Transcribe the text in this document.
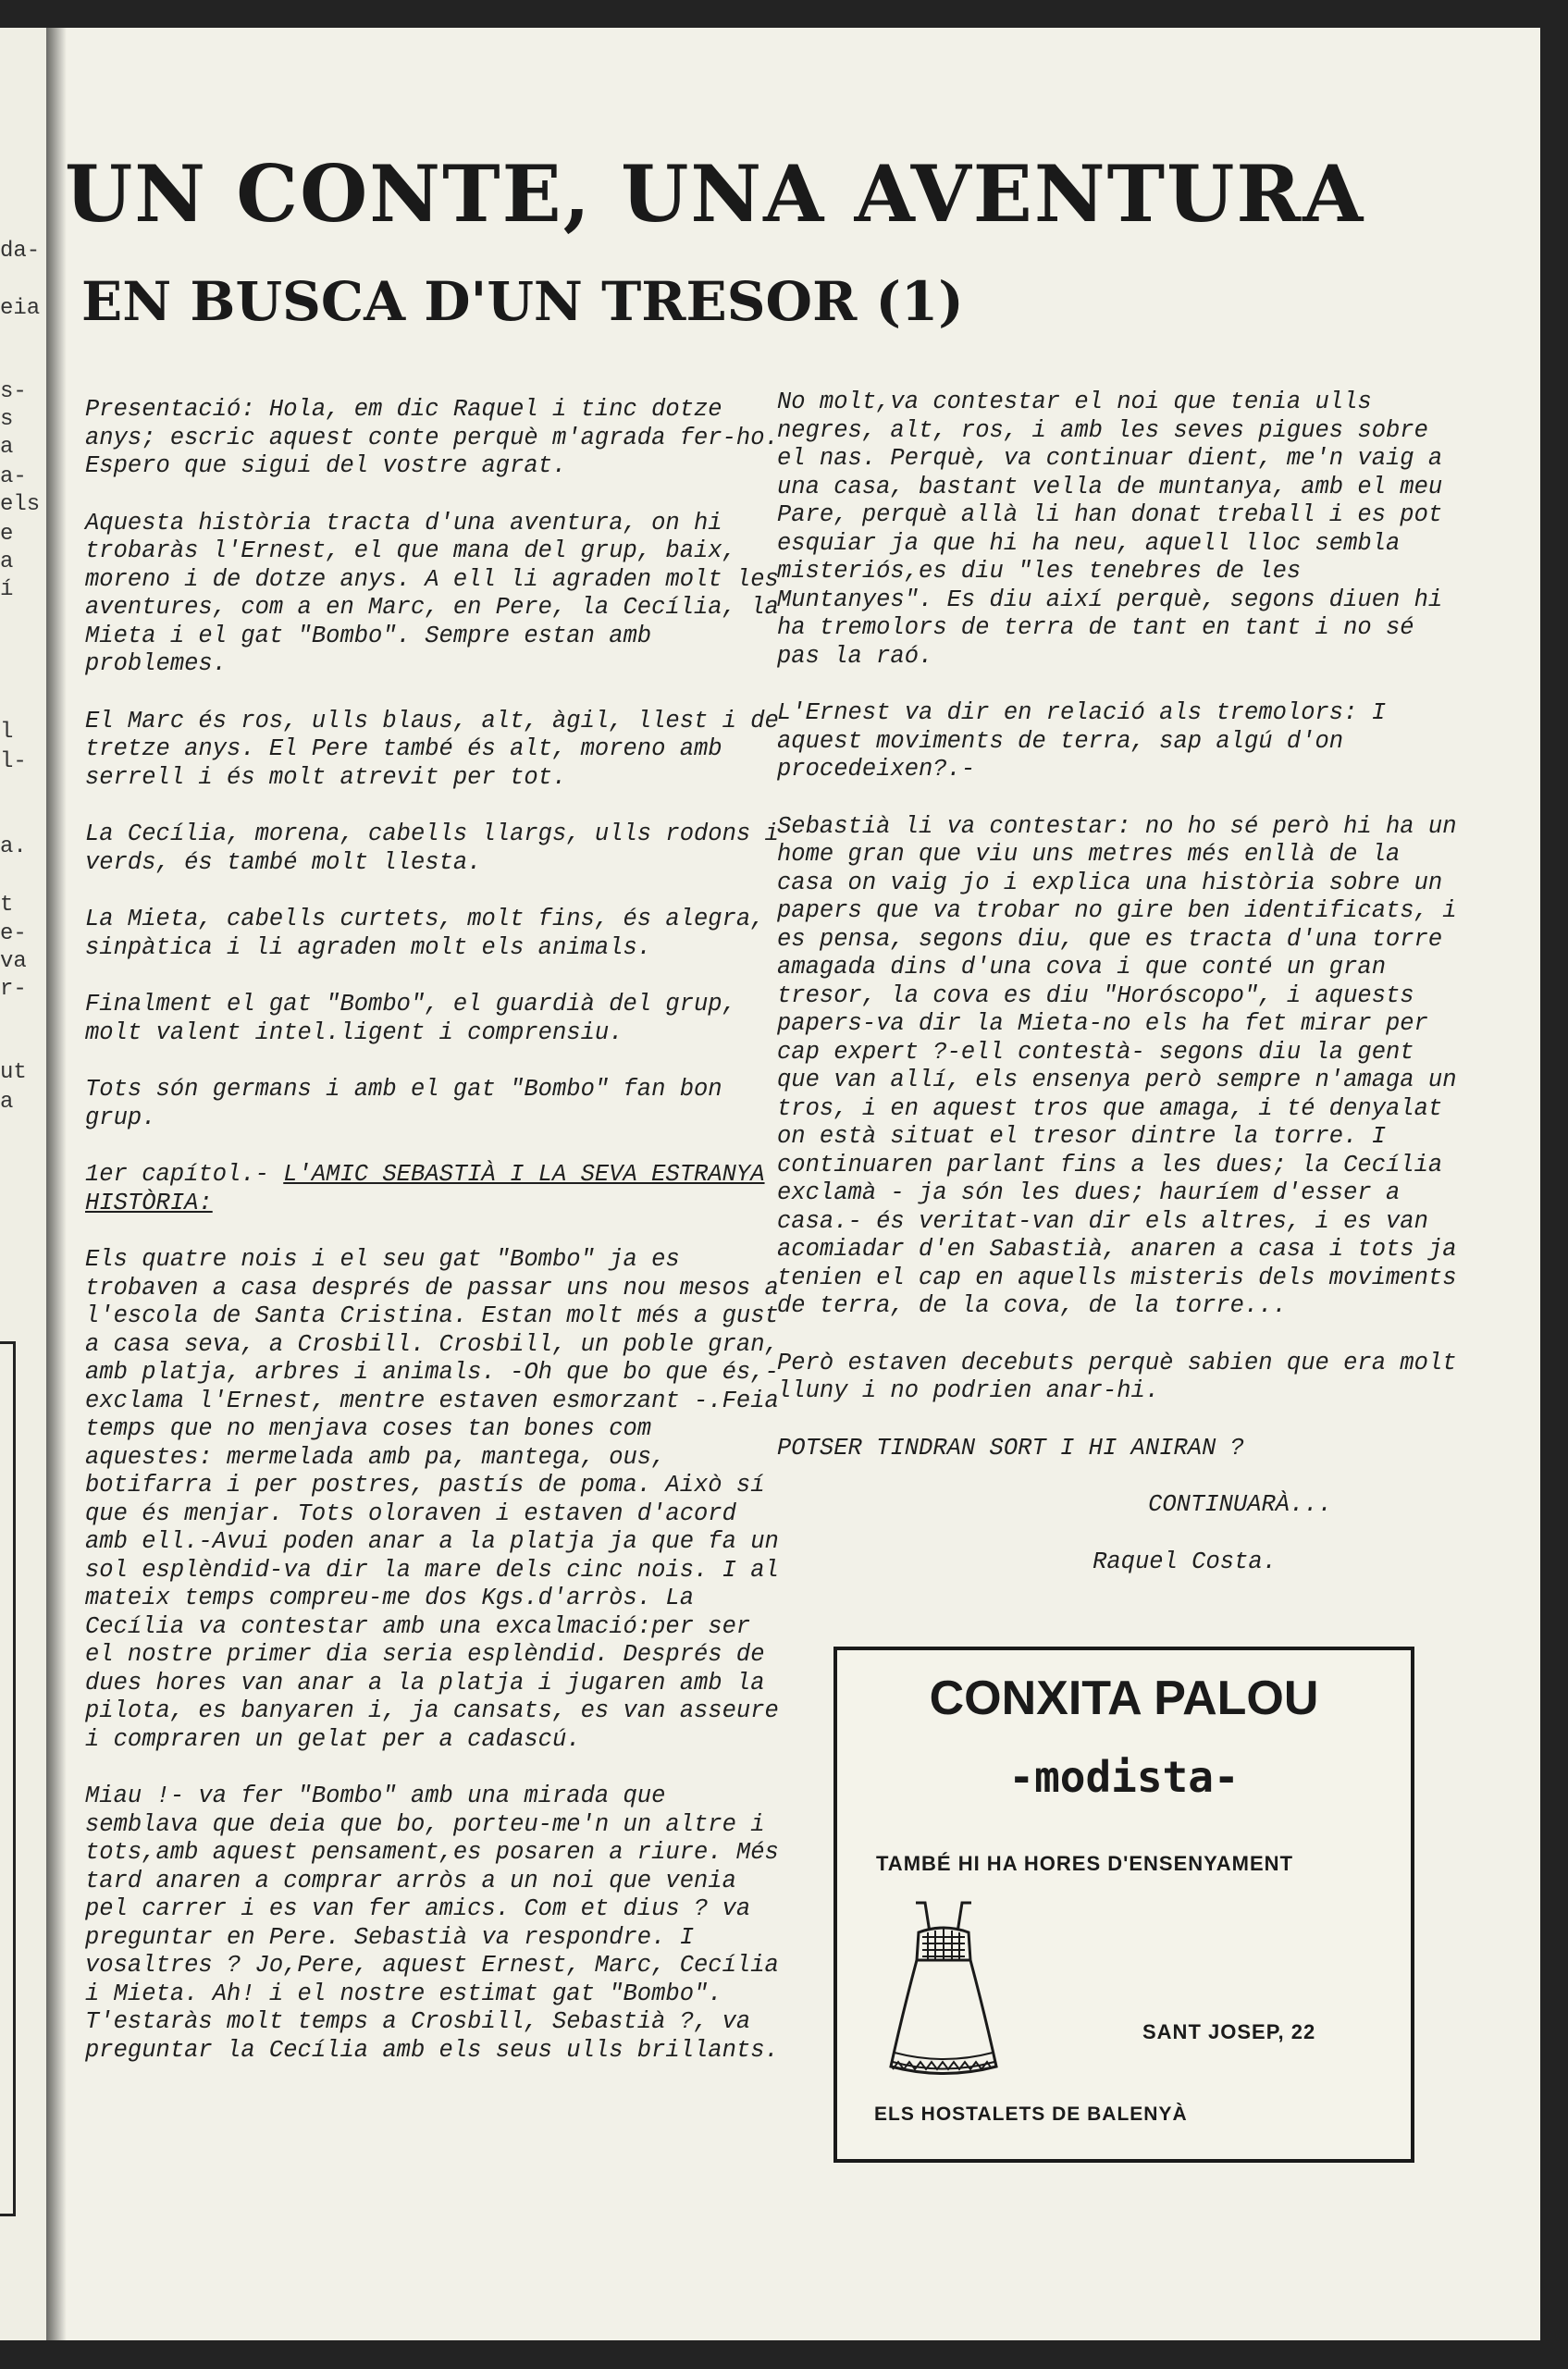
da-
eia
s-
s
a
a-
els
e
a
í
l
l-
a.
t
e-
va
r-
ut
a
UN CONTE, UNA AVENTURA
EN BUSCA D'UN TRESOR (1)

Presentació: Hola, em dic Raquel i tinc dotze anys; escric aquest conte perquè m'agrada fer-ho. Espero que sigui del vostre agrat.

Aquesta història tracta d'una aventura, on hi trobaràs l'Ernest, el que mana del grup, baix, moreno i de dotze anys. A ell li agraden molt les aventures, com a en Marc, en Pere, la Cecília, la Mieta i el gat "Bombo". Sempre estan amb problemes.

El Marc és ros, ulls blaus, alt, àgil, llest i de tretze anys. El Pere també és alt, moreno amb serrell i és molt atrevit per tot.

La Cecília, morena, cabells llargs, ulls rodons i verds, és també molt llesta.

La Mieta, cabells curtets, molt fins, és alegra, sinpàtica i li agraden molt els animals.

Finalment el gat "Bombo", el guardià del grup, molt valent intel.ligent i comprensiu.

Tots són germans i amb el gat "Bombo" fan bon grup.

1er capítol.- L'AMIC SEBASTIÀ I LA SEVA ESTRANYA HISTÒRIA:

Els quatre nois i el seu gat "Bombo" ja es trobaven a casa després de passar uns nou mesos a l'escola de Santa Cristina. Estan molt més a gust a casa seva, a Crosbill. Crosbill, un poble gran, amb platja, arbres i animals. -Oh que bo que és,-exclama l'Ernest, mentre estaven esmorzant -.Feia temps que no menjava coses tan bones com aquestes: mermelada amb pa, mantega, ous, botifarra i per postres, pastís de poma. Això sí que és menjar. Tots oloraven i estaven d'acord amb ell.-Avui poden anar a la platja ja que fa un sol esplèndid-va dir la mare dels cinc nois. I al mateix temps compreu-me dos Kgs.d'arròs. La Cecília va contestar amb una excalmació:per ser el nostre primer dia seria esplèndid. Després de dues hores van anar a la platja i jugaren amb la pilota, es banyaren i, ja cansats, es van asseure i compraren un gelat per a cadascú.

Miau !- va fer "Bombo" amb una mirada que semblava que deia que bo, porteu-me'n un altre i tots,amb aquest pensament,es posaren a riure. Més tard anaren a comprar arròs a un noi que venia pel carrer i es van fer amics. Com et dius ? va preguntar en Pere. Sebastià va respondre. I vosaltres ? Jo,Pere, aquest Ernest, Marc, Cecília i Mieta. Ah! i el nostre estimat gat "Bombo". T'estaràs molt temps a Crosbill, Sebastià ?, va preguntar la Cecília amb els seus ulls brillants.

No molt,va contestar el noi que tenia ulls negres, alt, ros, i amb les seves pigues sobre el nas. Perquè, va continuar dient, me'n vaig a una casa, bastant vella de muntanya, amb el meu Pare, perquè allà li han donat treball i es pot esquiar ja que hi ha neu, aquell lloc sembla misteriós,es diu "les tenebres de les Muntanyes". Es diu així perquè, segons diuen hi ha tremolors de terra de tant en tant i no sé pas la raó.

L'Ernest va dir en relació als tremolors: I aquest moviments de terra, sap algú d'on procedeixen?.-

Sebastià li va contestar: no ho sé però hi ha un home gran que viu uns metres més enllà de la casa on vaig jo i explica una història sobre un papers que va trobar no gire ben identificats, i es pensa, segons diu, que es tracta d'una torre amagada dins d'una cova i que conté un gran tresor, la cova es diu "Horóscopo", i aquests papers-va dir la Mieta-no els ha fet mirar per cap expert ?-ell contestà- segons diu la gent que van allí, els ensenya però sempre n'amaga un tros, i en aquest tros que amaga, i té denyalat on està situat el tresor dintre la torre. I continuaren parlant fins a les dues; la Cecília exclamà - ja són les dues; hauríem d'esser a casa.- és veritat-van dir els altres, i es van acomiadar d'en Sabastià, anaren a casa i tots ja tenien el cap en aquells misteris dels moviments de terra, de la cova, de la torre...

Però estaven decebuts perquè sabien que era molt lluny i no podrien anar-hi.

POTSER TINDRAN SORT I HI ANIRAN ?

CONTINUARÀ...

Raquel Costa.

CONXITA PALOU
-modista-
TAMBÉ HI HA HORES D'ENSENYAMENT
SANT JOSEP, 22
ELS HOSTALETS DE BALENYÀ
